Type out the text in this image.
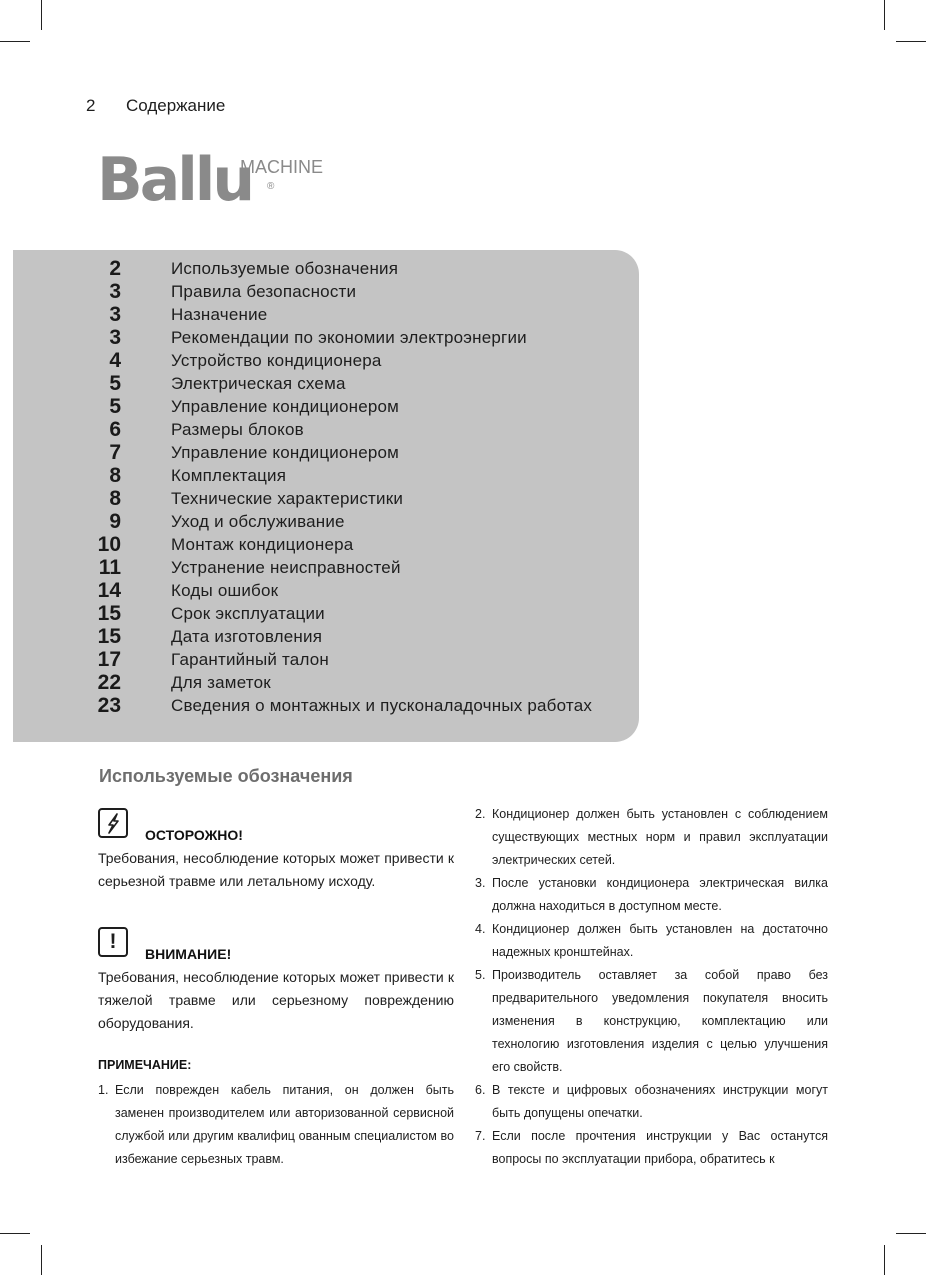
2 Содержание
Ballu
MACHINE
®
2	Используемые обозначения
3	Правила безопасности
3	Назначение
3	Рекомендации по экономии электроэнергии
4	Устройство кондиционера
5	Электрическая схема
5	Управление кондиционером
6	Размеры блоков
7	Управление кондиционером
8	Комплектация
8	Технические характеристики
9	Уход и обслуживание
10	Монтаж кондиционера
11	Устранение неисправностей
14	Коды ошибок
15	Срок эксплуатации
15	Дата изготовления
17	Гарантийный талон
22	Для заметок
23	Сведения о монтажных и пусконаладочных работах
Используемые обозначения
ОСТОРОЖНО!

Требования, несоблюдение которых может привести к серьезной травме или летальному исходу.

!
ВНИМАНИЕ!

Требования, несоблюдение которых может привести к тяжелой травме или серьезному повреждению оборудования.

ПРИМЕЧАНИЕ:
1. Если поврежден кабель питания, он должен быть заменен производителем или авторизованной сервисной службой или другим квалифиц ованным специалистом во избежание серьезных травм.
2. Кондиционер должен быть установлен с соблюдением существующих местных норм и правил эксплуатации электрических сетей.
3. После установки кондиционера электрическая вилка должна находиться в доступном месте.
4. Кондиционер должен быть установлен на достаточно надежных кронштейнах.
5. Производитель оставляет за собой право без предварительного уведомления покупателя вносить изменения в конструкцию, комплектацию или технологию изготовления изделия с целью улучшения его свойств.
6. В тексте и цифровых обозначениях инструкции могут быть допущены опечатки.
7. Если после прочтения инструкции у Вас останутся вопросы по эксплуатации прибора, обратитесь к
